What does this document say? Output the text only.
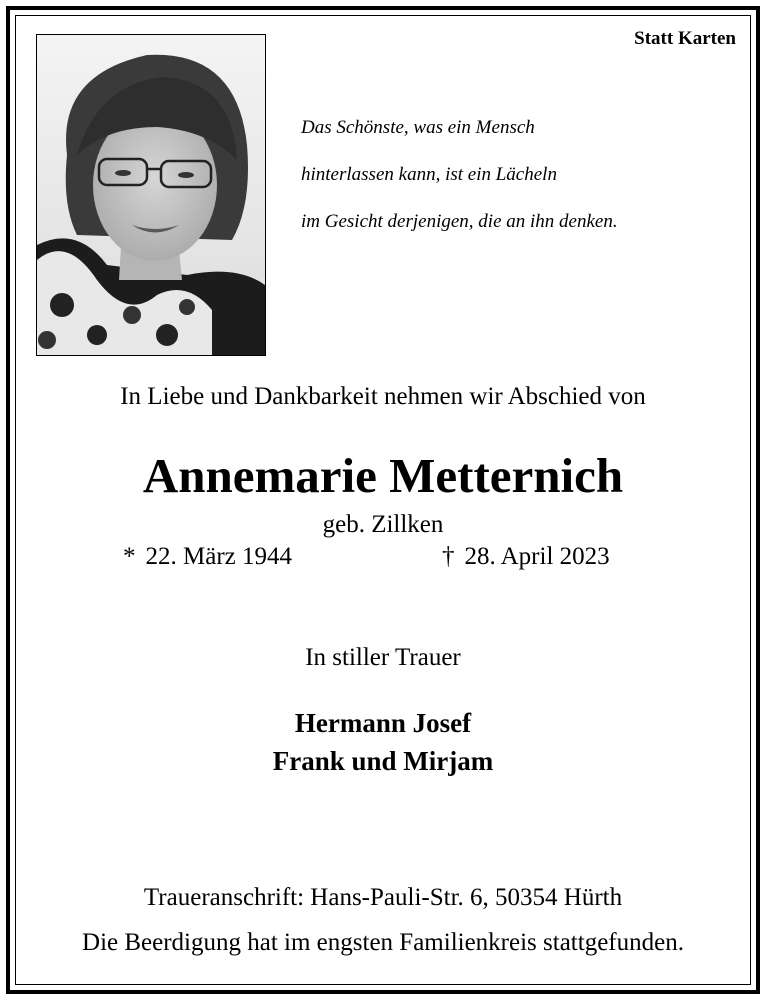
Statt Karten
Das Schönste, was ein Mensch
hinterlassen kann, ist ein Lächeln
im Gesicht derjenigen, die an ihn denken.
In Liebe und Dankbarkeit nehmen wir Abschied von
Annemarie Metternich
geb. Zillken
* 22. März 1944	† 28. April 2023
In stiller Trauer
Hermann Josef
Frank und Mirjam
Traueranschrift: Hans-Pauli-Str. 6, 50354 Hürth
Die Beerdigung hat im engsten Familienkreis stattgefunden.
